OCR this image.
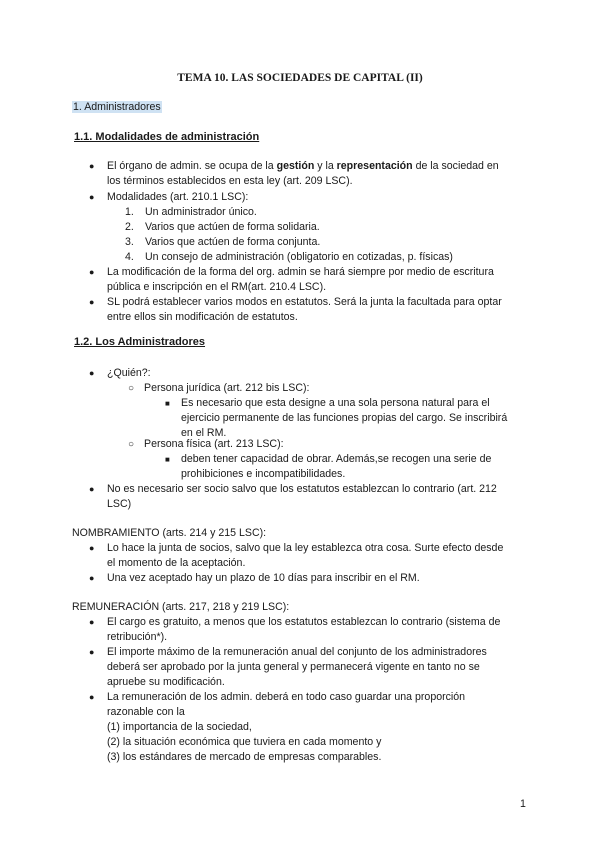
TEMA 10. LAS SOCIEDADES DE CAPITAL (II)
1. Administradores
1.1. Modalidades de administración
● El órgano de admin. se ocupa de la gestión y la representación de la sociedad en
los términos establecidos en esta ley (art. 209 LSC).
● Modalidades (art. 210.1 LSC):
1. Un administrador único.
2. Varios que actúen de forma solidaria.
3. Varios que actúen de forma conjunta.
4. Un consejo de administración (obligatorio en cotizadas, p. físicas)
● La modificación de la forma del org. admin se hará siempre por medio de escritura
pública e inscripción en el RM(art. 210.4 LSC).
● SL podrá establecer varios modos en estatutos. Será la junta la facultada para optar
entre ellos sin modificación de estatutos.
1.2. Los Administradores
● ¿Quién?:
○ Persona jurídica (art. 212 bis LSC):
■ Es necesario que esta designe a una sola persona natural para el
ejercicio permanente de las funciones propias del cargo. Se inscribirá
en el RM.
○ Persona física (art. 213 LSC):
■ deben tener capacidad de obrar. Además,se recogen una serie de
prohibiciones e incompatibilidades.
● No es necesario ser socio salvo que los estatutos establezcan lo contrario (art. 212
LSC)
NOMBRAMIENTO (arts. 214 y 215 LSC):
● Lo hace la junta de socios, salvo que la ley establezca otra cosa. Surte efecto desde
el momento de la aceptación.
● Una vez aceptado hay un plazo de 10 días para inscribir en el RM.
REMUNERACIÓN (arts. 217, 218 y 219 LSC):
● El cargo es gratuito, a menos que los estatutos establezcan lo contrario (sistema de
retribución*).
● El importe máximo de la remuneración anual del conjunto de los administradores
deberá ser aprobado por la junta general y permanecerá vigente en tanto no se
apruebe su modificación.
● La remuneración de los admin. deberá en todo caso guardar una proporción
razonable con la
(1) importancia de la sociedad,
(2) la situación económica que tuviera en cada momento y
(3) los estándares de mercado de empresas comparables.
1
